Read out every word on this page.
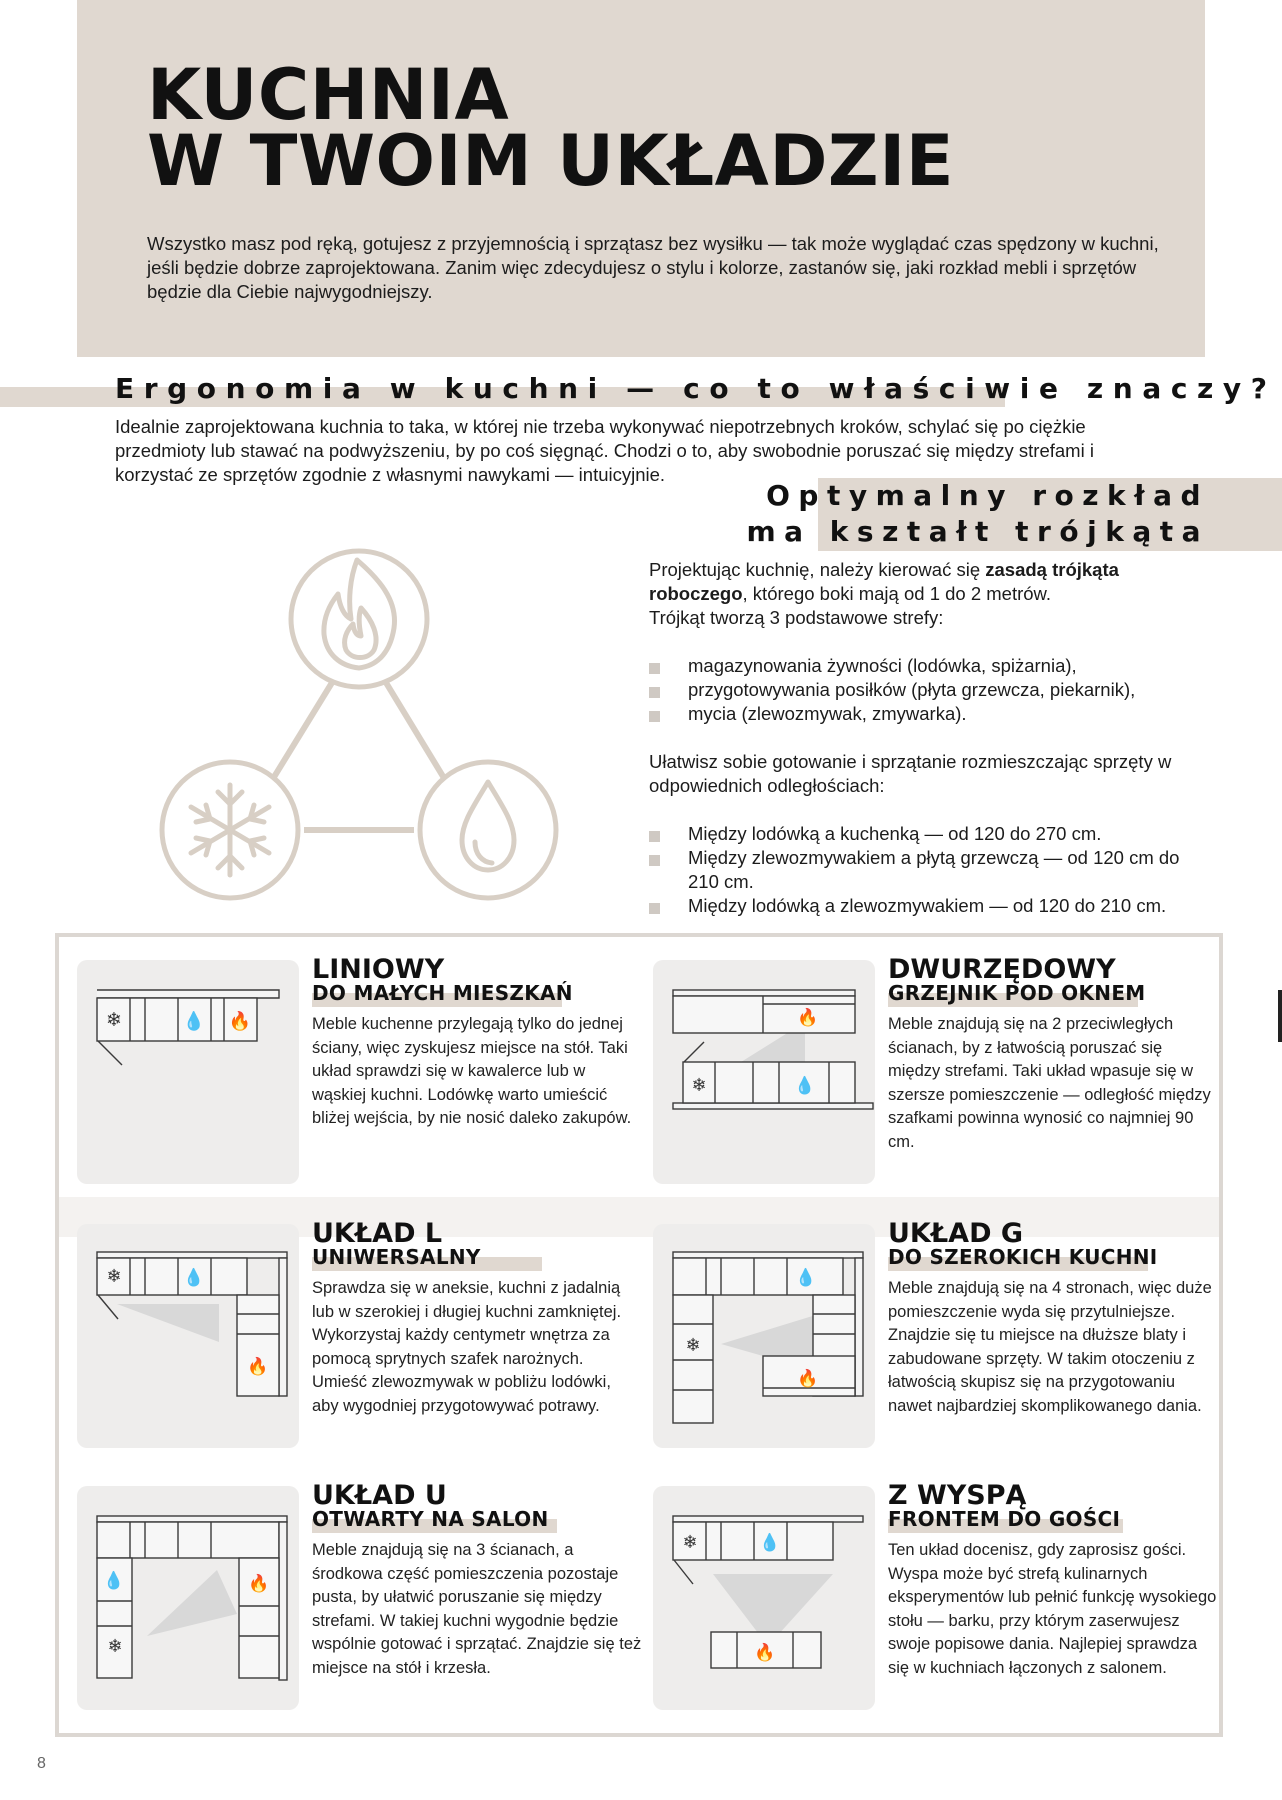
KUCHNIA
W TWOIM UKŁADZIE

Wszystko masz pod ręką, gotujesz z przyjemnością i sprzątasz bez wysiłku — tak może wyglądać czas spędzony w kuchni, jeśli będzie dobrze zaprojektowana. Zanim więc zdecydujesz o stylu i kolorze, zastanów się, jaki rozkład mebli i sprzętów będzie dla Ciebie najwygodniejszy.

Ergonomia w kuchni — co to właściwie znaczy?

Idealnie zaprojektowana kuchnia to taka, w której nie trzeba wykonywać niepotrzebnych kroków, schylać się po ciężkie przedmioty lub stawać na podwyższeniu, by po coś sięgnąć. Chodzi o to, aby swobodnie poruszać się między strefami i korzystać ze sprzętów zgodnie z własnymi nawykami — intuicyjnie.

Optymalny rozkład
ma kształt trójkąta

Projektując kuchnię, należy kierować się zasadą trójkąta roboczego, którego boki mają od 1 do 2 metrów.

Trójkąt tworzą 3 podstawowe strefy:

magazynowania żywności (lodówka, spiżarnia),
przygotowywania posiłków (płyta grzewcza, piekarnik),
mycia (zlewozmywak, zmywarka).

Ułatwisz sobie gotowanie i sprzątanie rozmieszczając sprzęty w odpowiednich odległościach:

Między lodówką a kuchenką — od 120 do 270 cm.
Między zlewozmywakiem a płytą grzewczą — od 120 cm do 210 cm.
Między lodówką a zlewozmywakiem — od 120 do 210 cm.
❄	💧 🔥
LINIOWY
DO MAŁYCH MIESZKAŃ
Meble kuchenne przylegają tylko do jednej ściany, więc zyskujesz miejsce na stół. Taki układ sprawdzi się w kawalerce lub w wąskiej kuchni. Lodówkę warto umieścić bliżej wejścia, by nie nosić daleko zakupów.
🔥
❄	💧
DWURZĘDOWY
GRZEJNIK POD OKNEM
Meble znajdują się na 2 przeciwległych ścianach, by z łatwością poruszać się między strefami. Taki układ wpasuje się w szersze pomieszczenie — odległość między szafkami powinna wynosić co najmniej 90 cm.
❄	💧
🔥
UKŁAD L
UNIWERSALNY
Sprawdza się w aneksie, kuchni z jadalnią lub w szerokiej i długiej kuchni zamkniętej. Wykorzystaj każdy centymetr wnętrza za pomocą sprytnych szafek narożnych. Umieść zlewozmywak w pobliżu lodówki, aby wygodniej przygotowywać potrawy.
❄
💧
🔥
UKŁAD G
DO SZEROKICH KUCHNI
Meble znajdują się na 4 stronach, więc duże pomieszczenie wyda się przytulniejsze. Znajdzie się tu miejsce na dłuższe blaty i zabudowane sprzęty. W takim otoczeniu z łatwością skupisz się na przygotowaniu nawet najbardziej skomplikowanego dania.
💧
❄
🔥
UKŁAD U
OTWARTY NA SALON
Meble znajdują się na 3 ścianach, a środkowa część pomieszczenia pozostaje pusta, by ułatwić poruszanie się między strefami. W takiej kuchni wygodnie będzie wspólnie gotować i sprzątać. Znajdzie się też miejsce na stół i krzesła.
❄	💧
🔥
Z WYSPĄ
FRONTEM DO GOŚCI
Ten układ docenisz, gdy zaprosisz gości. Wyspa może być strefą kulinarnych eksperymentów lub pełnić funkcję wysokiego stołu — barku, przy którym zaserwujesz swoje popisowe dania. Najlepiej sprawdza się w kuchniach łączonych z salonem.
8
